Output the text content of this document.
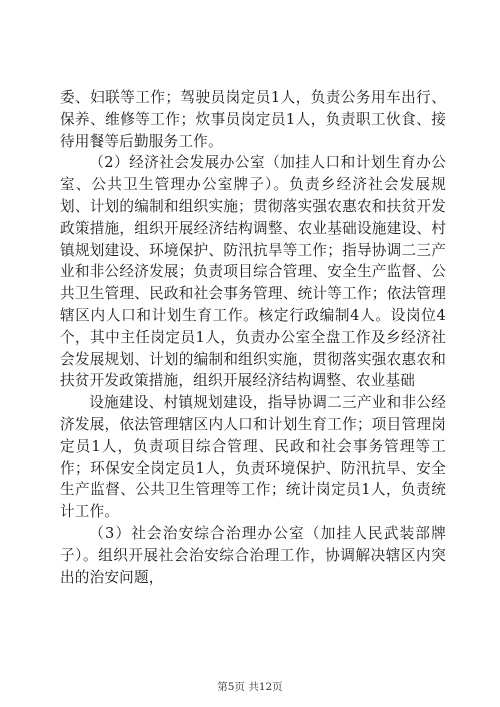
委、妇联等工作；驾驶员岗定员1人，负责公务用车出行、保养、维修等工作；炊事员岗定员1人，负责职工伙食、接待用餐等后勤服务工作。

（2）经济社会发展办公室（加挂人口和计划生育办公室、公共卫生管理办公室牌子）。负责乡经济社会发展规划、计划的编制和组织实施；贯彻落实强农惠农和扶贫开发政策措施，组织开展经济结构调整、农业基础设施建设、村镇规划建设、环境保护、防汛抗旱等工作；指导协调二三产业和非公经济发展；负责项目综合管理、安全生产监督、公共卫生管理、民政和社会事务管理、统计等工作；依法管理辖区内人口和计划生育工作。核定行政编制4人。设岗位4个，其中主任岗定员1人，负责办公室全盘工作及乡经济社会发展规划、计划的编制和组织实施，贯彻落实强农惠农和扶贫开发政策措施，组织开展经济结构调整、农业基础

设施建设、村镇规划建设，指导协调二三产业和非公经济发展，依法管理辖区内人口和计划生育工作；项目管理岗定员1人，负责项目综合管理、民政和社会事务管理等工作；环保安全岗定员1人，负责环境保护、防汛抗旱、安全生产监督、公共卫生管理等工作；统计岗定员1人，负责统计工作。

（3）社会治安综合治理办公室（加挂人民武装部牌子）。组织开展社会治安综合治理工作，协调解决辖区内突出的治安问题，

第5页 共12页
